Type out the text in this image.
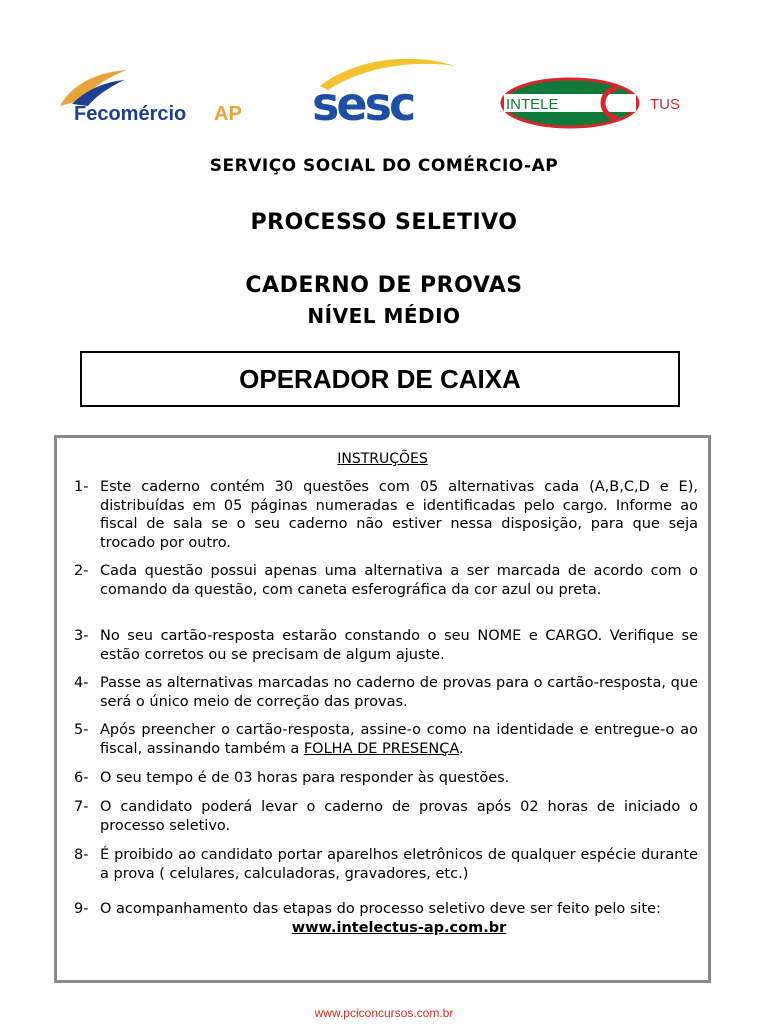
Fecomércio AP sesc	INTELE	TUS
SERVIÇO SOCIAL DO COMÉRCIO-AP
PROCESSO SELETIVO
CADERNO DE PROVAS
NÍVEL MÉDIO
OPERADOR DE CAIXA
INSTRUÇÕES
1- Este caderno contém 30 questões com 05 alternativas cada (A,B,C,D e E), distribuídas em 05 páginas numeradas e identificadas pelo cargo. Informe ao fiscal de sala se o seu caderno não estiver nessa disposição, para que seja trocado por outro.
2- Cada questão possui apenas uma alternativa a ser marcada de acordo com o comando da questão, com caneta esferográfica da cor azul ou preta.
3- No seu cartão-resposta estarão constando o seu NOME e CARGO. Verifique se estão corretos ou se precisam de algum ajuste.
4- Passe as alternativas marcadas no caderno de provas para o cartão-resposta, que será o único meio de correção das provas.
5- Após preencher o cartão-resposta, assine-o como na identidade e entregue-o ao fiscal, assinando também a FOLHA DE PRESENÇA.
6- O seu tempo é de 03 horas para responder às questões.
7- O candidato poderá levar o caderno de provas após 02 horas de iniciado o processo seletivo.
8- É proibido ao candidato portar aparelhos eletrônicos de qualquer espécie durante a prova ( celulares, calculadoras, gravadores, etc.)
9- O acompanhamento das etapas do processo seletivo deve ser feito pelo site:
www.intelectus-ap.com.br
www.pciconcursos.com.br
